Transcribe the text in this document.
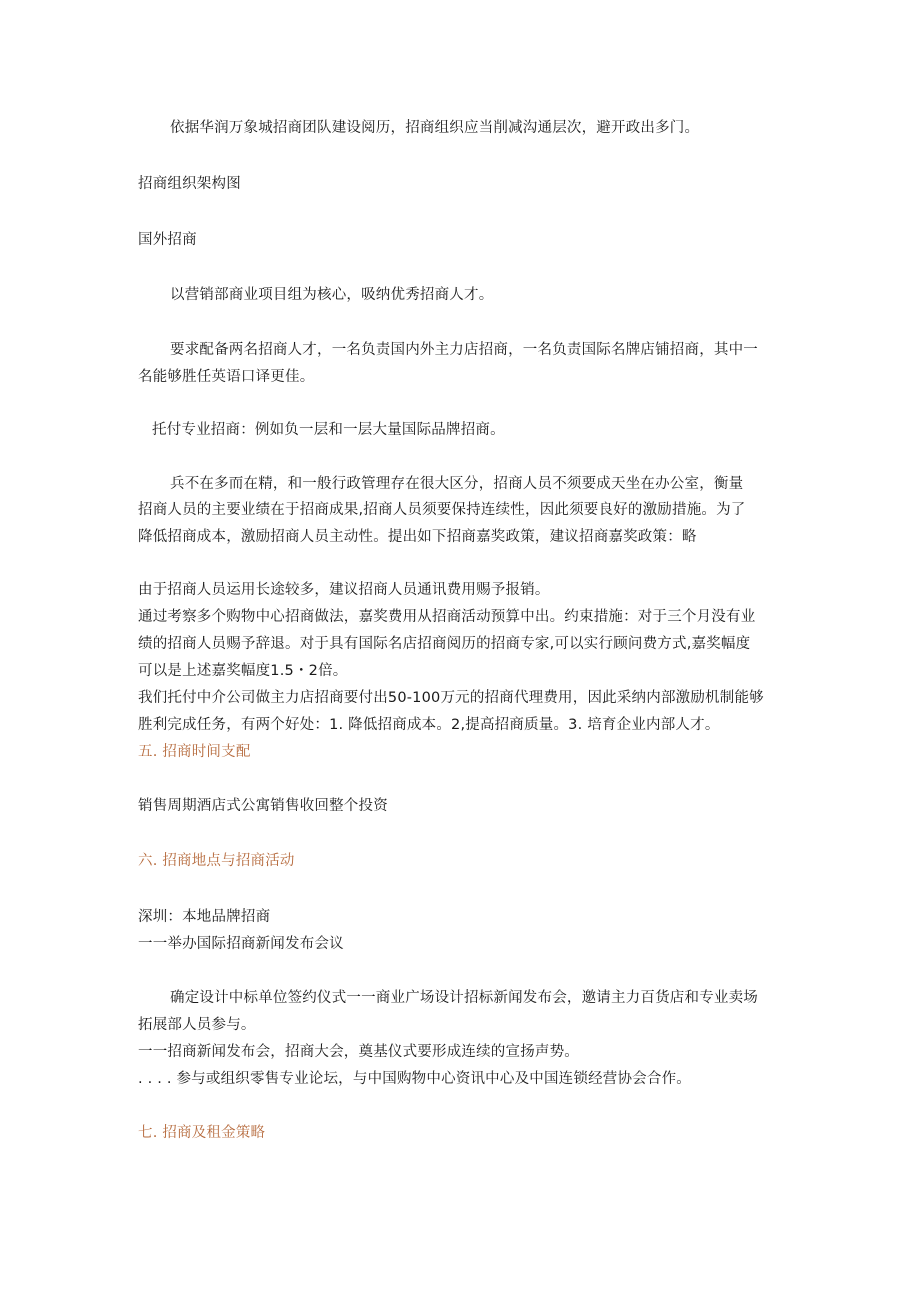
依据华润万象城招商团队建设阅历，招商组织应当削减沟通层次，避开政出多门。
招商组织架构图
国外招商
以营销部商业项目组为核心，吸纳优秀招商人才。
要求配备两名招商人才，一名负责国内外主力店招商，一名负责国际名牌店铺招商，其中一
名能够胜任英语口译更佳。
托付专业招商：例如负一层和一层大量国际品牌招商。
兵不在多而在精，和一般行政管理存在很大区分，招商人员不须要成天坐在办公室，衡量
招商人员的主要业绩在于招商成果,招商人员须要保持连续性，因此须要良好的激励措施。为了
降低招商成本，激励招商人员主动性。提出如下招商嘉奖政策，建议招商嘉奖政策：略
由于招商人员运用长途较多，建议招商人员通讯费用赐予报销。
通过考察多个购物中心招商做法，嘉奖费用从招商活动预算中出。约束措施：对于三个月没有业
绩的招商人员赐予辞退。对于具有国际名店招商阅历的招商专家,可以实行顾问费方式,嘉奖幅度
可以是上述嘉奖幅度1.5・2倍。
我们托付中介公司做主力店招商要付出50-100万元的招商代理费用，因此采纳内部激励机制能够
胜利完成任务，有两个好处：1. 降低招商成本。2,提高招商质量。3. 培育企业内部人才。
五. 招商时间支配
销售周期酒店式公寓销售收回整个投资
六. 招商地点与招商活动
深圳：本地品牌招商
一一举办国际招商新闻发布会议
确定设计中标单位签约仪式一一商业广场设计招标新闻发布会，邀请主力百货店和专业卖场
拓展部人员参与。
一一招商新闻发布会，招商大会，奠基仪式要形成连续的宣扬声势。
. . . . 参与或组织零售专业论坛，与中国购物中心资讯中心及中国连锁经营协会合作。
七. 招商及租金策略
